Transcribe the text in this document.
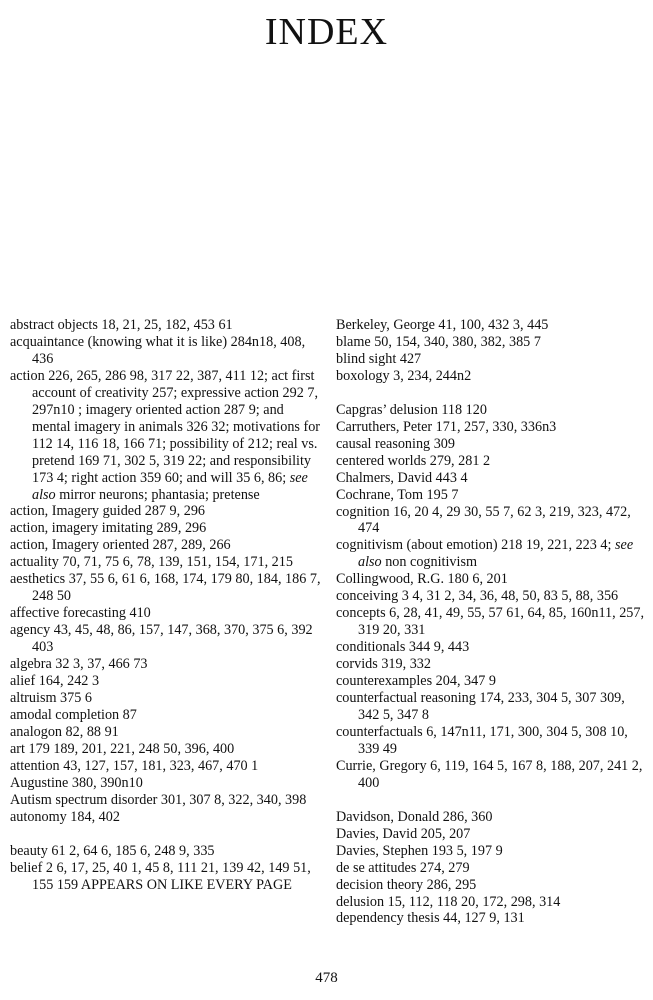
INDEX
abstract objects 18, 21, 25, 182, 453 61
acquaintance (knowing what it is like) 284n18, 408, 436
action 226, 265, 286 98, 317 22, 387, 411 12; act first account of creativity 257; expressive action 292 7, 297n10 ; imagery oriented action 287 9; and mental imagery in animals 326 32; motivations for 112 14, 116 18, 166 71; possibility of 212; real vs. pretend 169 71, 302 5, 319 22; and responsibility 173 4; right action 359 60; and will 35 6, 86; see also mirror neurons; phantasia; pretense
action, Imagery guided 287 9, 296
action, imagery imitating 289, 296
action, Imagery oriented 287, 289, 266
actuality 70, 71, 75 6, 78, 139, 151, 154, 171, 215
aesthetics 37, 55 6, 61 6, 168, 174, 179 80, 184, 186 7, 248 50
affective forecasting 410
agency 43, 45, 48, 86, 157, 147, 368, 370, 375 6, 392 403
algebra 32 3, 37, 466 73
alief 164, 242 3
altruism 375 6
amodal completion 87
analogon 82, 88 91
art 179 189, 201, 221, 248 50, 396, 400
attention 43, 127, 157, 181, 323, 467, 470 1
Augustine 380, 390n10
Autism spectrum disorder 301, 307 8, 322, 340, 398
autonomy 184, 402
beauty 61 2, 64 6, 185 6, 248 9, 335
belief 2 6, 17, 25, 40 1, 45 8, 111 21, 139 42, 149 51, 155 159 APPEARS ON LIKE EVERY PAGE
Berkeley, George 41, 100, 432 3, 445
blame 50, 154, 340, 380, 382, 385 7
blind sight 427
boxology 3, 234, 244n2
Capgras’ delusion 118 120
Carruthers, Peter 171, 257, 330, 336n3
causal reasoning 309
centered worlds 279, 281 2
Chalmers, David 443 4
Cochrane, Tom 195 7
cognition 16, 20 4, 29 30, 55 7, 62 3, 219, 323, 472, 474
cognitivism (about emotion) 218 19, 221, 223 4; see also non cognitivism
Collingwood, R.G. 180 6, 201
conceiving 3 4, 31 2, 34, 36, 48, 50, 83 5, 88, 356
concepts 6, 28, 41, 49, 55, 57 61, 64, 85, 160n11, 257, 319 20, 331
conditionals 344 9, 443
corvids 319, 332
counterexamples 204, 347 9
counterfactual reasoning 174, 233, 304 5, 307 309, 342 5, 347 8
counterfactuals 6, 147n11, 171, 300, 304 5, 308 10, 339 49
Currie, Gregory 6, 119, 164 5, 167 8, 188, 207, 241 2, 400
Davidson, Donald 286, 360
Davies, David 205, 207
Davies, Stephen 193 5, 197 9
de se attitudes 274, 279
decision theory 286, 295
delusion 15, 112, 118 20, 172, 298, 314
dependency thesis 44, 127 9, 131
478
